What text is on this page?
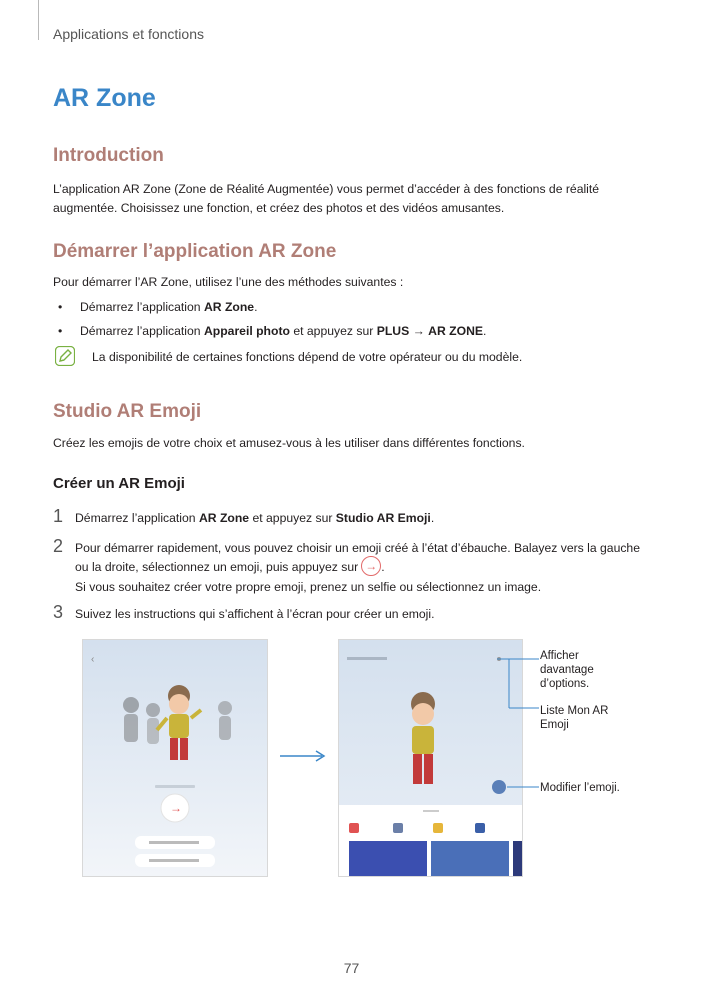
Applications et fonctions
AR Zone
Introduction
L’application AR Zone (Zone de Réalité Augmentée) vous permet d’accéder à des fonctions de réalité
augmentée. Choisissez une fonction, et créez des photos et des vidéos amusantes.
Démarrer l’application AR Zone
Pour démarrer l’AR Zone, utilisez l’une des méthodes suivantes :
• Démarrez l’application AR Zone.
• Démarrez l’application Appareil photo et appuyez sur PLUS → AR ZONE.
La disponibilité de certaines fonctions dépend de votre opérateur ou du modèle.
Studio AR Emoji
Créez les emojis de votre choix et amusez-vous à les utiliser dans différentes fonctions.
Créer un AR Emoji
1 Démarrez l’application AR Zone et appuyez sur Studio AR Emoji.
2 Pour démarrer rapidement, vous pouvez choisir un emoji créé à l’état d’ébauche. Balayez vers la gauche
ou la droite, sélectionnez un emoji, puis appuyez sur → .
Si vous souhaitez créer votre propre emoji, prenez un selfie ou sélectionnez un image.
3 Suivez les instructions qui s’affichent à l’écran pour créer un emoji.
‹
→
Afficher davantage d’options.
Liste Mon AR Emoji
Modifier l’emoji.
77
